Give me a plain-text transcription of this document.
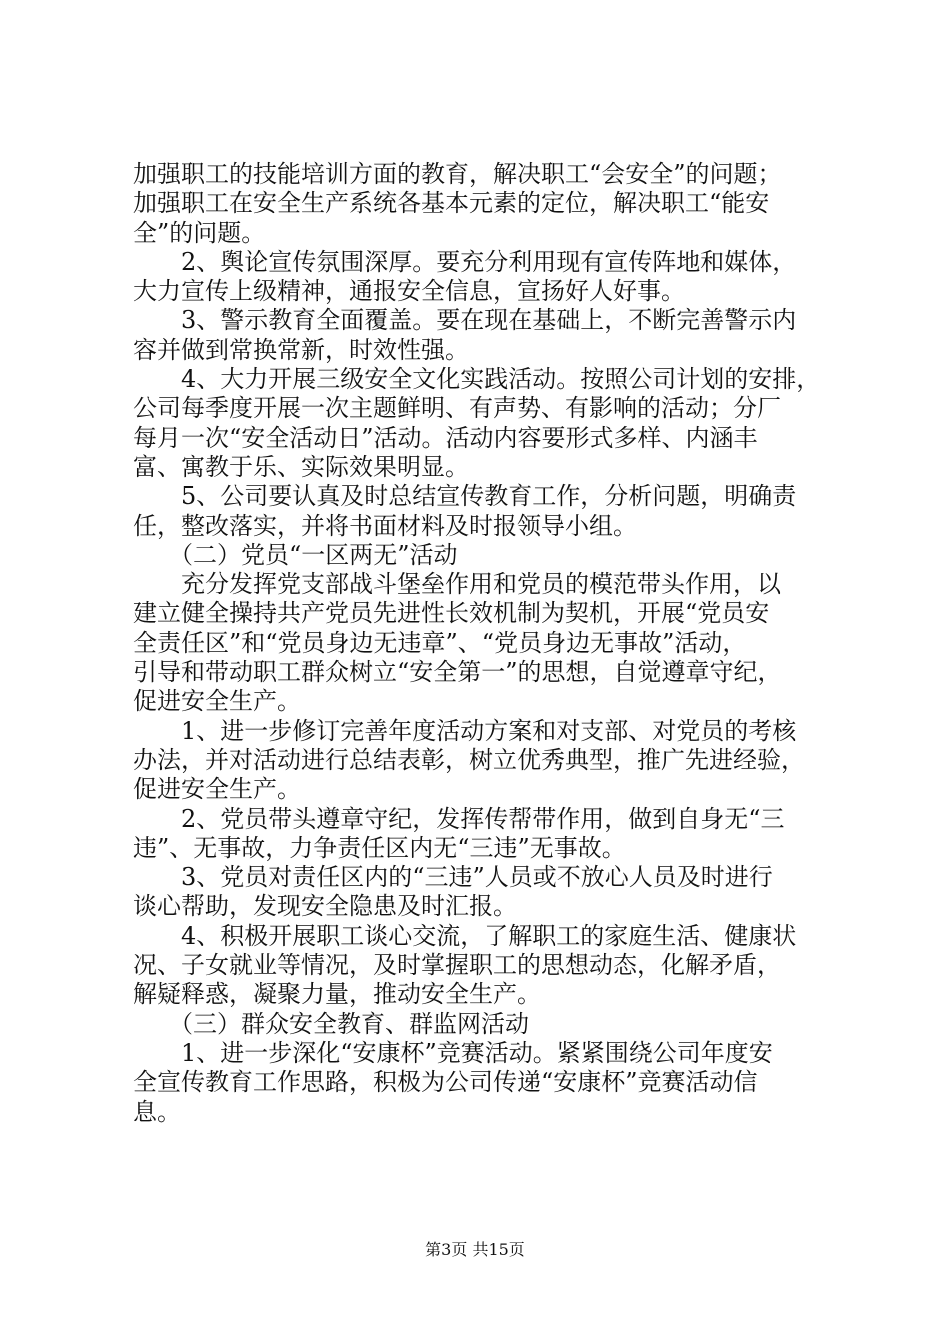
加强职工的技能培训方面的教育，解决职工“会安全”的问题；
加强职工在安全生产系统各基本元素的定位，解决职工“能安
全”的问题。
　　2、舆论宣传氛围深厚。要充分利用现有宣传阵地和媒体，
大力宣传上级精神，通报安全信息，宣扬好人好事。
　　3、警示教育全面覆盖。要在现在基础上，不断完善警示内
容并做到常换常新，时效性强。
　　4、大力开展三级安全文化实践活动。按照公司计划的安排，
公司每季度开展一次主题鲜明、有声势、有影响的活动；分厂
每月一次“安全活动日”活动。活动内容要形式多样、内涵丰
富、寓教于乐、实际效果明显。
　　5、公司要认真及时总结宣传教育工作，分析问题，明确责
任，整改落实，并将书面材料及时报领导小组。
　　（二）党员“一区两无”活动
　　充分发挥党支部战斗堡垒作用和党员的模范带头作用，以
建立健全操持共产党员先进性长效机制为契机，开展“党员安
全责任区”和“党员身边无违章”、“党员身边无事故”活动，
引导和带动职工群众树立“安全第一”的思想，自觉遵章守纪，
促进安全生产。
　　1、进一步修订完善年度活动方案和对支部、对党员的考核
办法，并对活动进行总结表彰，树立优秀典型，推广先进经验，
促进安全生产。
　　2、党员带头遵章守纪，发挥传帮带作用，做到自身无“三
违”、无事故，力争责任区内无“三违”无事故。
　　3、党员对责任区内的“三违”人员或不放心人员及时进行
谈心帮助，发现安全隐患及时汇报。
　　4、积极开展职工谈心交流，了解职工的家庭生活、健康状
况、子女就业等情况，及时掌握职工的思想动态，化解矛盾，
解疑释惑，凝聚力量，推动安全生产。
　　（三）群众安全教育、群监网活动
　　1、进一步深化“安康杯”竞赛活动。紧紧围绕公司年度安
全宣传教育工作思路，积极为公司传递“安康杯”竞赛活动信
息。
第3页 共15页
